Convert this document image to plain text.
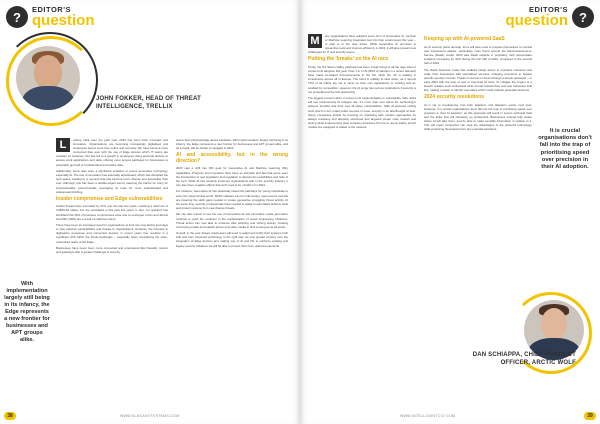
?	EDITOR'S
question
JOHN FOKKER, HEAD OF THREAT INTELLIGENCE, TRELLIX

L	ooking back over the past year, 2023 has been both uncertain and innovative. Organisations are becoming increasingly digitalised and employees spend more time online and remotely. We have become more connected than ever with the use of Edge devices which IT teams are unaware of. However, this has led to a growth in employees using personal devices to access work applications and data, offering more access pathways for businesses to potentially get hold of confidential and sensitive data.

Additionally, we've also seen a significant evolution in recent generative technology, especially AI. The use of innovation has assuredly accelerated, which has disrupted the tech space, leading to a moment that has become more diverse and accessible than ever. Although, this has been a double-edged sword, lowering the barrier for entry for impressionable cybercriminals, leveraging AI tools for more sophisticated and widespread phishing.

Insider compromise and Edge vulnerabilities

Insider threats have increased by 47% over the last two years, reaching a total loss of US$15.38 million. For the uninitiated in this past five years, in fact, our research has identified that 45% of business compromises arise due to employee errors and almost two-fifths (39%) are a result of malicious intent.

There have been an increased need for organisations to look into new tactics and ways to play external vulnerabilities and threats to organisations. However, the increase in digitisation processes and connected devices in recent years has resulted in a significant shift within the threat landscape – especially when considering the often-overlooked realm of the Edge.

Businesses have never been more connected and empowered like firewalls, routers and gateways offer a greater challenge to security.

teams than physical Edge device hardware. With implementation largely still being in its infancy, the Edge represents a new frontier for businesses and APT groups alike, and as a result, will be harder to navigate in 2024.

AI and accessibility, but in the wrong direction?

2023 saw a shift into fifth gear for Generative AI and Machine Learning (ML) capabilities. Progress and innovation have been so dramatic and fast that we've seen the introduction of new legislation and regulation to discuss the possibilities and risks of the tech. While AI has certainly improved organisations with in the security industry, it can also have negative effects that we'll need to be mindful of in 2024.

For instance, Generative AI has drastically raised the pathways for young individuals to enter the cybercriminal world. Whilst malware can be rudimentary, open-source tool-kits are lowering the skills gaps needed to create generative smuggling threat activity. At the same time, security professionals have needed to adapt to automated defence tools and protect systems from new diverse threats.

We can also expect to see the use of Generative AI and innovative media generation continue to push the evolution in the sophistication of social engineering initiatives. Threat actors can now able to enhance their phishing and vishing activity, creating convincing emails and realistic phone and video media to trick employees at all levels.

Overall, in the year ahead, businesses will need to adapt and fortify their systems both with and from improved technology in the right way. As only greater scrutiny over the integration of Edge devices and making use of AI and ML to reinforce existing and legacy security initiatives we will be able to protect them from unknown elements.

With implementation largely still being in its infancy, the Edge represents a new frontier for businesses and APT groups alike.
WWW.ELEGANTSYSTEMS.COM
38
EDITOR'S
question ?

M	any organisations have adopted some form of Generative AI, via their or Machine Learning integrated tool into their environment this year – or plan to in the near future. While Generative AI promises to streamline tools and improve efficiency in 2024, it will also present new challenges for IT and security teams.

Putting the 'breaks' on the AI race

Firstly, the US Silicon Valley playbook has been: break things is all the rage when it comes to AI adoption this year. Over 1 in 4 US (fifths of startups in a recent Harvard) have made AI-related announcements in the US, while the UK is leading in investments across all of Europe. The trend is unlikely to slow down, as it reports 74% of all CEOs are set to ramp up their own applications to existing and AI-enabled by competition. However, the AI surge has serious implications if security is not embedded at the first opportunity.

The biggest concern when it comes to AI implementation is vulnerability risks. 2024 will see cybersecurity AI budgets rise. It's more than ever about the technology's defence benefits and their new AI-native vulnerabilities. With AI-powered coding tools which in turn make public sources of code, security is an afterthought at best. Savvy companies should be focusing on practising safe modern approaches by always reviewing and adopting structured and targeted proper code reviews and testing while implementing clear company-structures for how to use AI safely, and AI models are equipped or added to the network.

Keeping up with AI-powered SaaS

As AI security plans develop, firms will also need to prepare themselves to combat new AI-powered attacks, particularly ones found around the Ransomware-as-a-Service (RaaS) model. 2023 saw RaaS explode in popularity, with ransomware incidents increasing by 44% during the first half of 2023, compared to the second half of 2022.

The RaaS business model has enabled cheap actors to monetise intrusions and scale their businesses with specialised services, charging premiums to bypass specific security controls. Thanks to access to these through a simple password – or easy 2024 with the help of new or improved AI tools. To mitigate the impact of a breach, leaders must understand what normal network flow, and user behaviour look like, making it easier to identify anomalies which could indicate potential intrusions.

2024 security resolutions

AI is set to revolutionise how both attackers and attackers evolve next year. However, it is crucial organisations don't fall into the trap of prioritising speed over precision in their AI adoption, as this approach will result in severe technical debt and the kinks that will ultimately go undetected. Businesses instead fully aware where AI will take them, and be able to make sensible information in relation to it. This will mean companies can reap the advantages of the powerful technology, while protecting themselves from any potential accidents.	It is crucial organisations don't fall into the trap of prioritising speed over precision in their AI adoption.
DAN SCHIAPPA, CHIEF PRODUCT OFFICER, ARCTIC WOLF
WWW.INTELLIGENTCIO.COM	39
